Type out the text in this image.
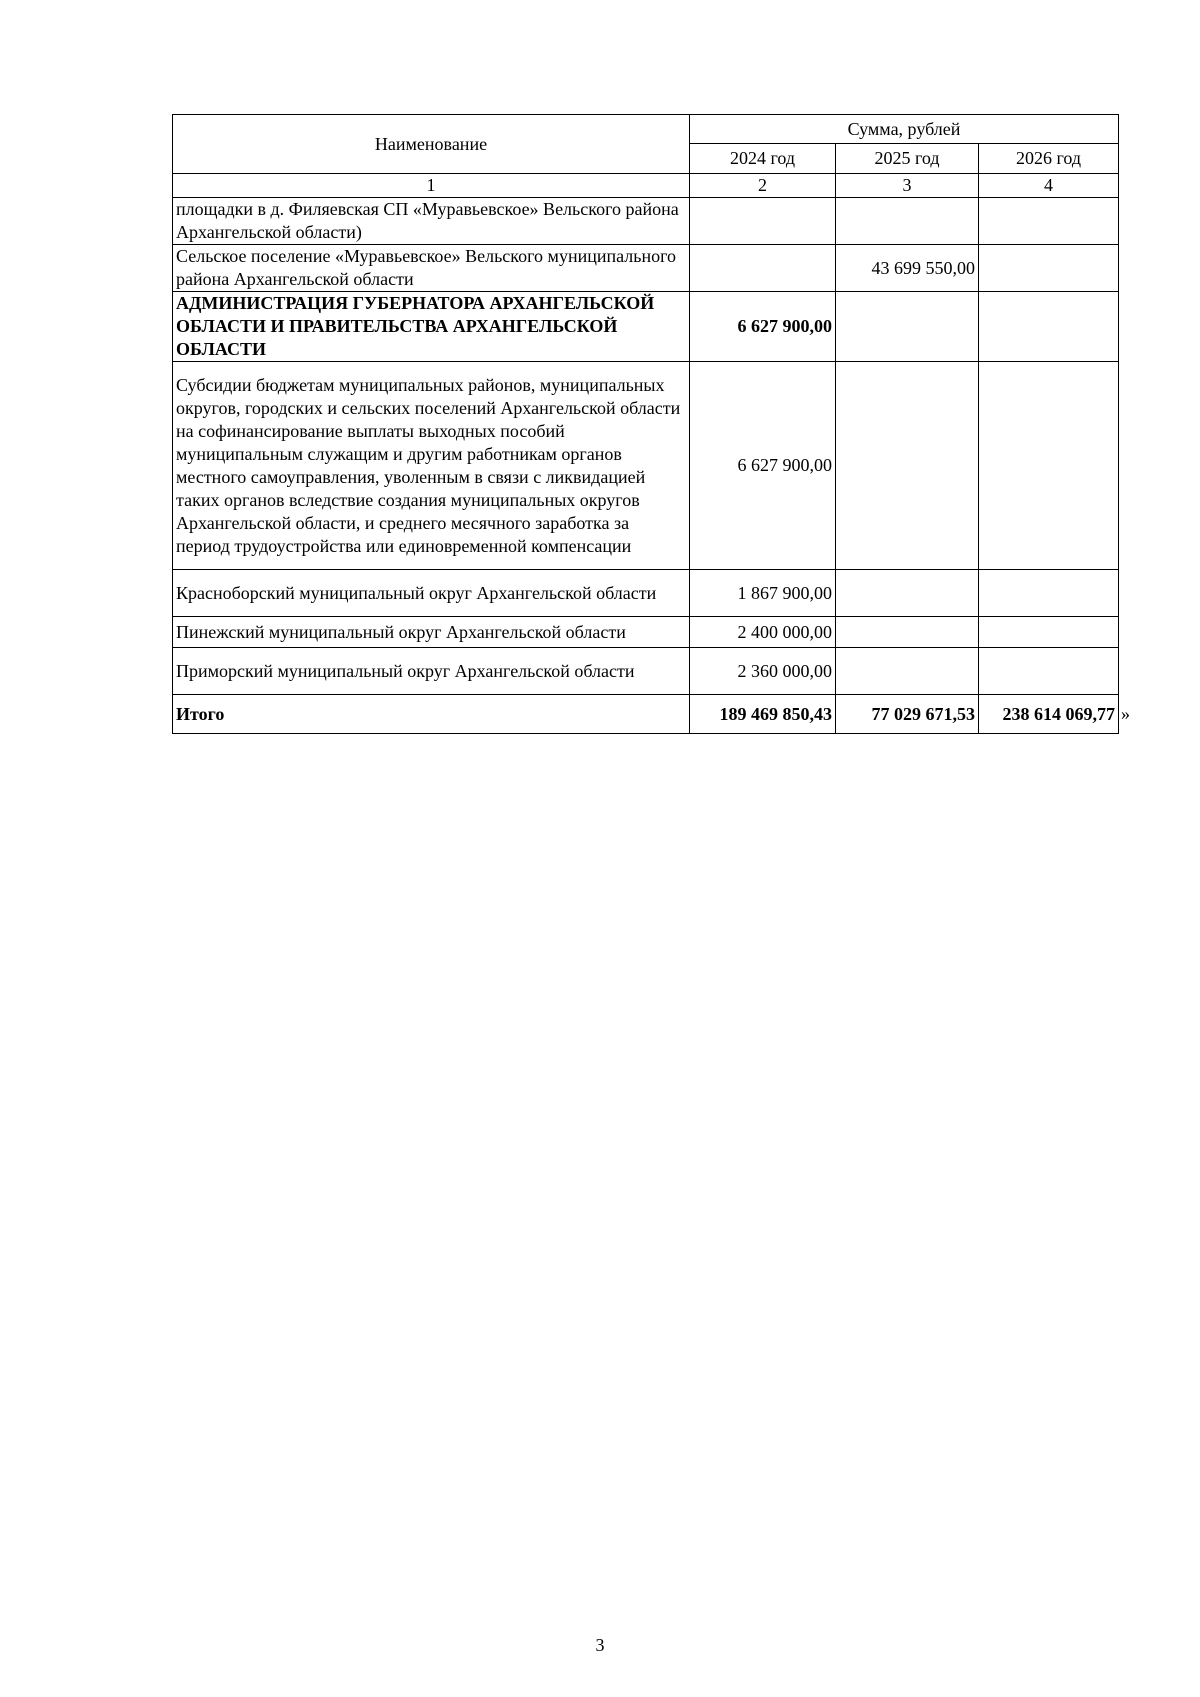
Наименование	Сумма, рублей		
	2024 год	2025 год	2026 год
1	2	3	4
площадки в д. Филяевская СП «Муравьевское» Вельского района Архангельской области)			
Сельское поселение «Муравьевское» Вельского муниципального района Архангельской области		43 699 550,00	
АДМИНИСТРАЦИЯ ГУБЕРНАТОРА АРХАНГЕЛЬСКОЙ ОБЛАСТИ И ПРАВИТЕЛЬСТВА АРХАНГЕЛЬСКОЙ ОБЛАСТИ	6 627 900,00		
Субсидии бюджетам муниципальных районов, муниципальных округов, городских и сельских поселений Архангельской области на софинансирование выплаты выходных пособий муниципальным служащим и другим работникам органов местного самоуправления, уволенным в связи с ликвидацией таких органов вследствие создания муниципальных округов Архангельской области, и среднего месячного заработка за период трудоустройства или единовременной компенсации	6 627 900,00		
Красноборский муниципальный округ Архангельской области	1 867 900,00		
Пинежский муниципальный округ Архангельской области	2 400 000,00		
Приморский муниципальный округ Архангельской области	2 360 000,00		
Итого	189 469 850,43	77 029 671,53	238 614 069,77 »
3
